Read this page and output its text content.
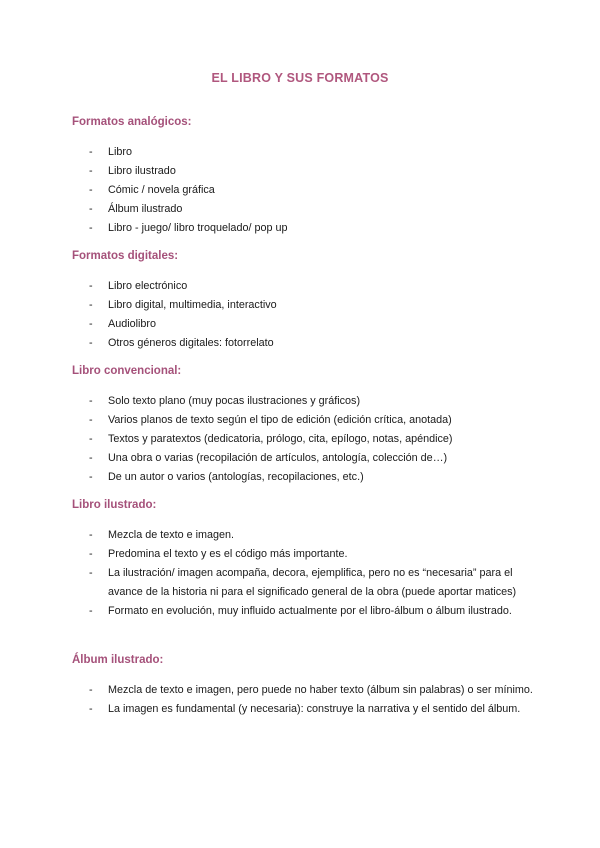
EL LIBRO Y SUS FORMATOS
Formatos analógicos:
- Libro
- Libro ilustrado
- Cómic / novela gráfica
- Álbum ilustrado
- Libro - juego/ libro troquelado/ pop up
Formatos digitales:
- Libro electrónico
- Libro digital, multimedia, interactivo
- Audiolibro
- Otros géneros digitales: fotorrelato
Libro convencional:
- Solo texto plano (muy pocas ilustraciones y gráficos)
- Varios planos de texto según el tipo de edición (edición crítica, anotada)
- Textos y paratextos (dedicatoria, prólogo, cita, epílogo, notas, apéndice)
- Una obra o varias (recopilación de artículos, antología, colección de…)
- De un autor o varios (antologías, recopilaciones, etc.)
Libro ilustrado:
- Mezcla de texto e imagen.
- Predomina el texto y es el código más importante.
- La ilustración/ imagen acompaña, decora, ejemplifica, pero no es “necesaria” para el avance de la historia ni para el significado general de la obra (puede aportar matices)
- Formato en evolución, muy influido actualmente por el libro-álbum o álbum ilustrado.
Álbum ilustrado:
- Mezcla de texto e imagen, pero puede no haber texto (álbum sin palabras) o ser mínimo.
- La imagen es fundamental (y necesaria): construye la narrativa y el sentido del álbum.
